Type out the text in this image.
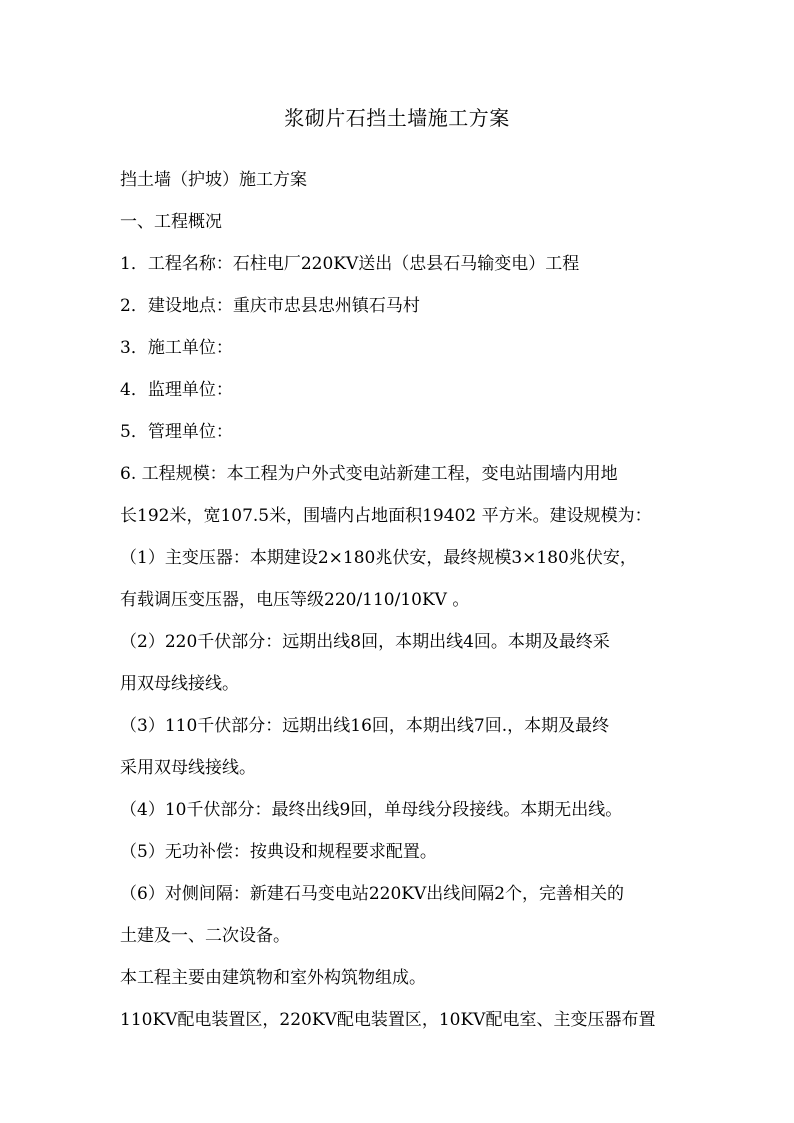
浆砌片石挡土墙施工方案
挡土墙（护坡）施工方案
一、工程概况
1．工程名称：石柱电厂220KV送出（忠县石马输变电）工程
2．建设地点：重庆市忠县忠州镇石马村
3．施工单位：
4．监理单位：
5．管理单位：
6. 工程规模：本工程为户外式变电站新建工程，变电站围墙内用地
长192米，宽107.5米，围墙内占地面积19402 平方米。建设规模为：
（1）主变压器：本期建设2×180兆伏安，最终规模3×180兆伏安，
有载调压变压器，电压等级220/110/10KV 。
（2）220千伏部分：远期出线8回，本期出线4回。本期及最终采
用双母线接线。
（3）110千伏部分：远期出线16回，本期出线7回.，本期及最终
采用双母线接线。
（4）10千伏部分：最终出线9回，单母线分段接线。本期无出线。
（5）无功补偿：按典设和规程要求配置。
（6）对侧间隔：新建石马变电站220KV出线间隔2个，完善相关的
土建及一、二次设备。
本工程主要由建筑物和室外构筑物组成。
110KV配电装置区，220KV配电装置区，10KV配电室、主变压器布置
